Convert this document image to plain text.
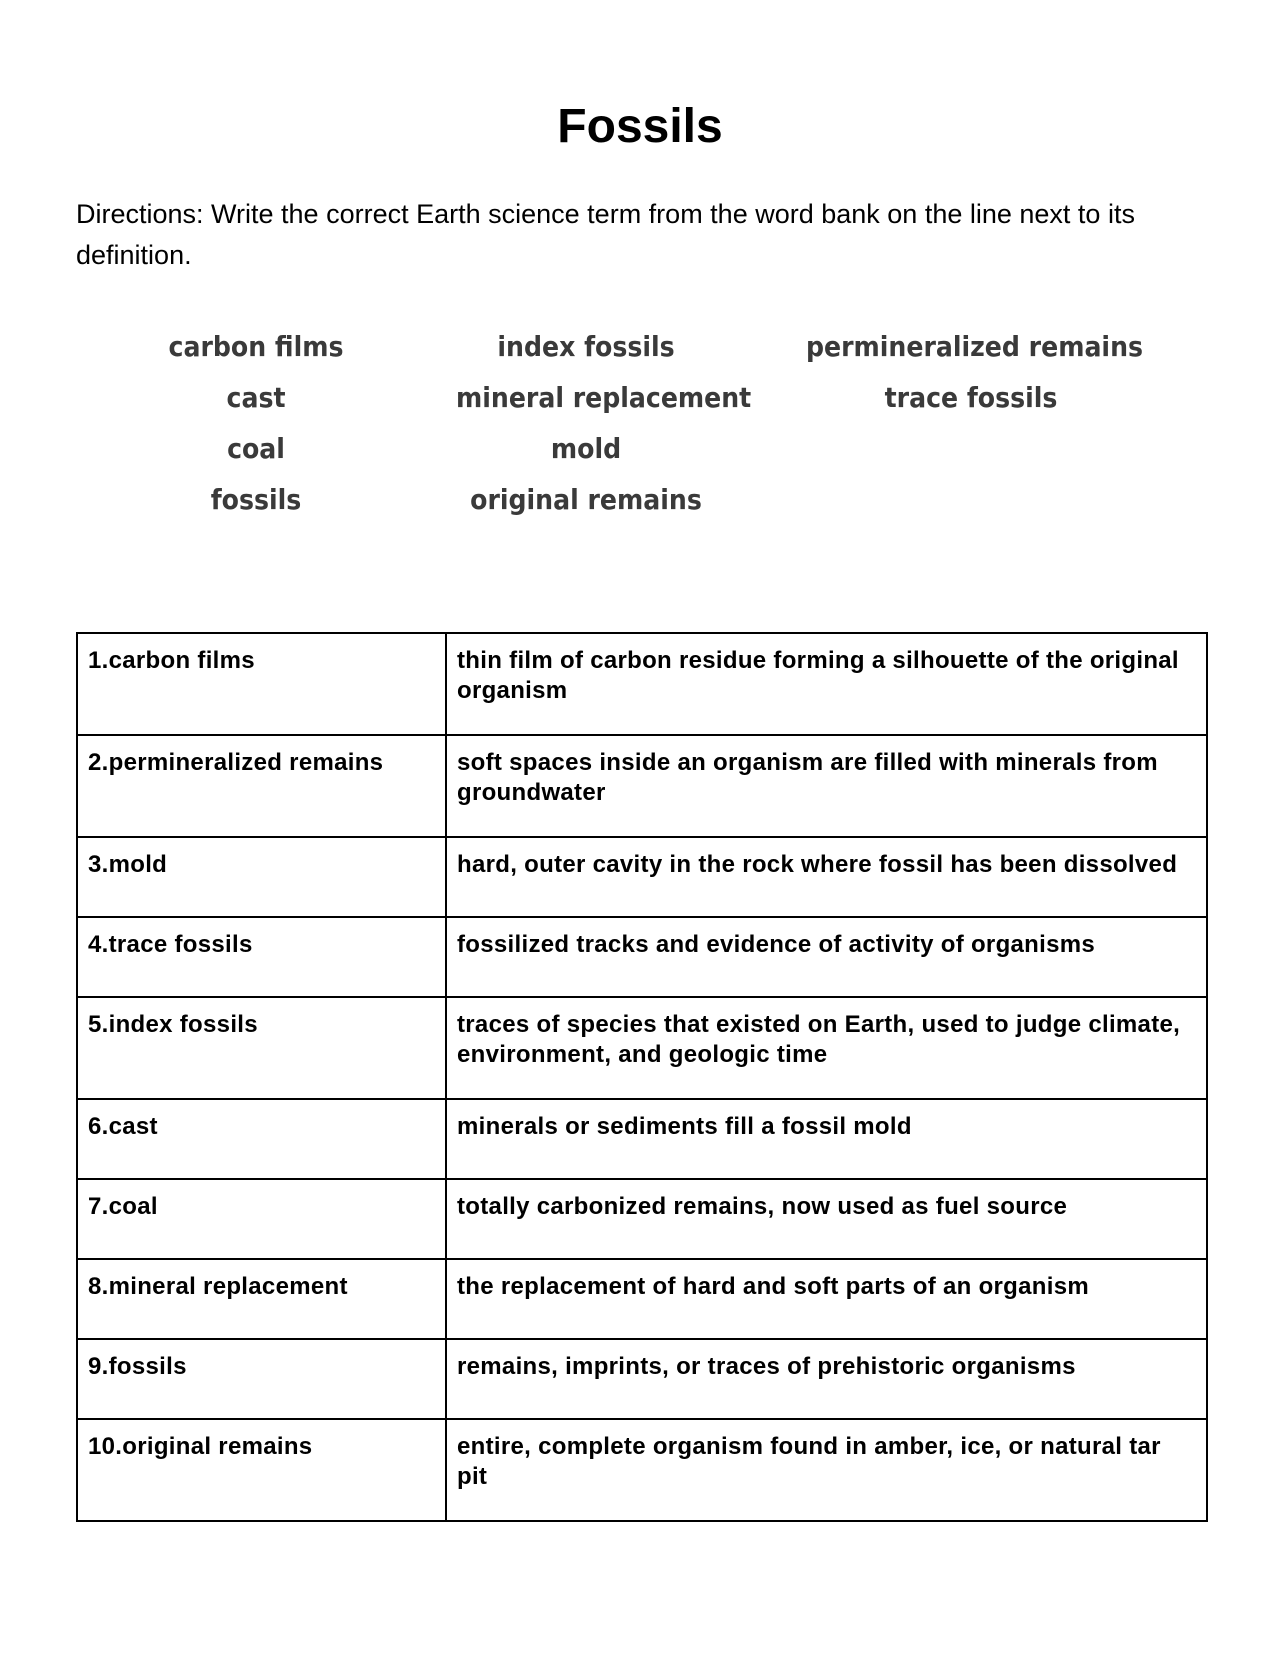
Fossils
Directions: Write the correct Earth science term from the word bank on the line next to its definition.
carbon films
cast
coal
fossils
index fossils
mineral replacement
mold
original remains
permineralized remains
trace fossils
1.carbon films	thin film of carbon residue forming a silhouette of the original organism
2.permineralized remains	soft spaces inside an organism are filled with minerals from groundwater
3.mold	hard, outer cavity in the rock where fossil has been dissolved
4.trace fossils	fossilized tracks and evidence of activity of organisms
5.index fossils	traces of species that existed on Earth, used to judge climate, environment, and geologic time
6.cast	minerals or sediments fill a fossil mold
7.coal	totally carbonized remains, now used as fuel source
8.mineral replacement	the replacement of hard and soft parts of an organism
9.fossils	remains, imprints, or traces of prehistoric organisms
10.original remains	entire, complete organism found in amber, ice, or natural tar pit
